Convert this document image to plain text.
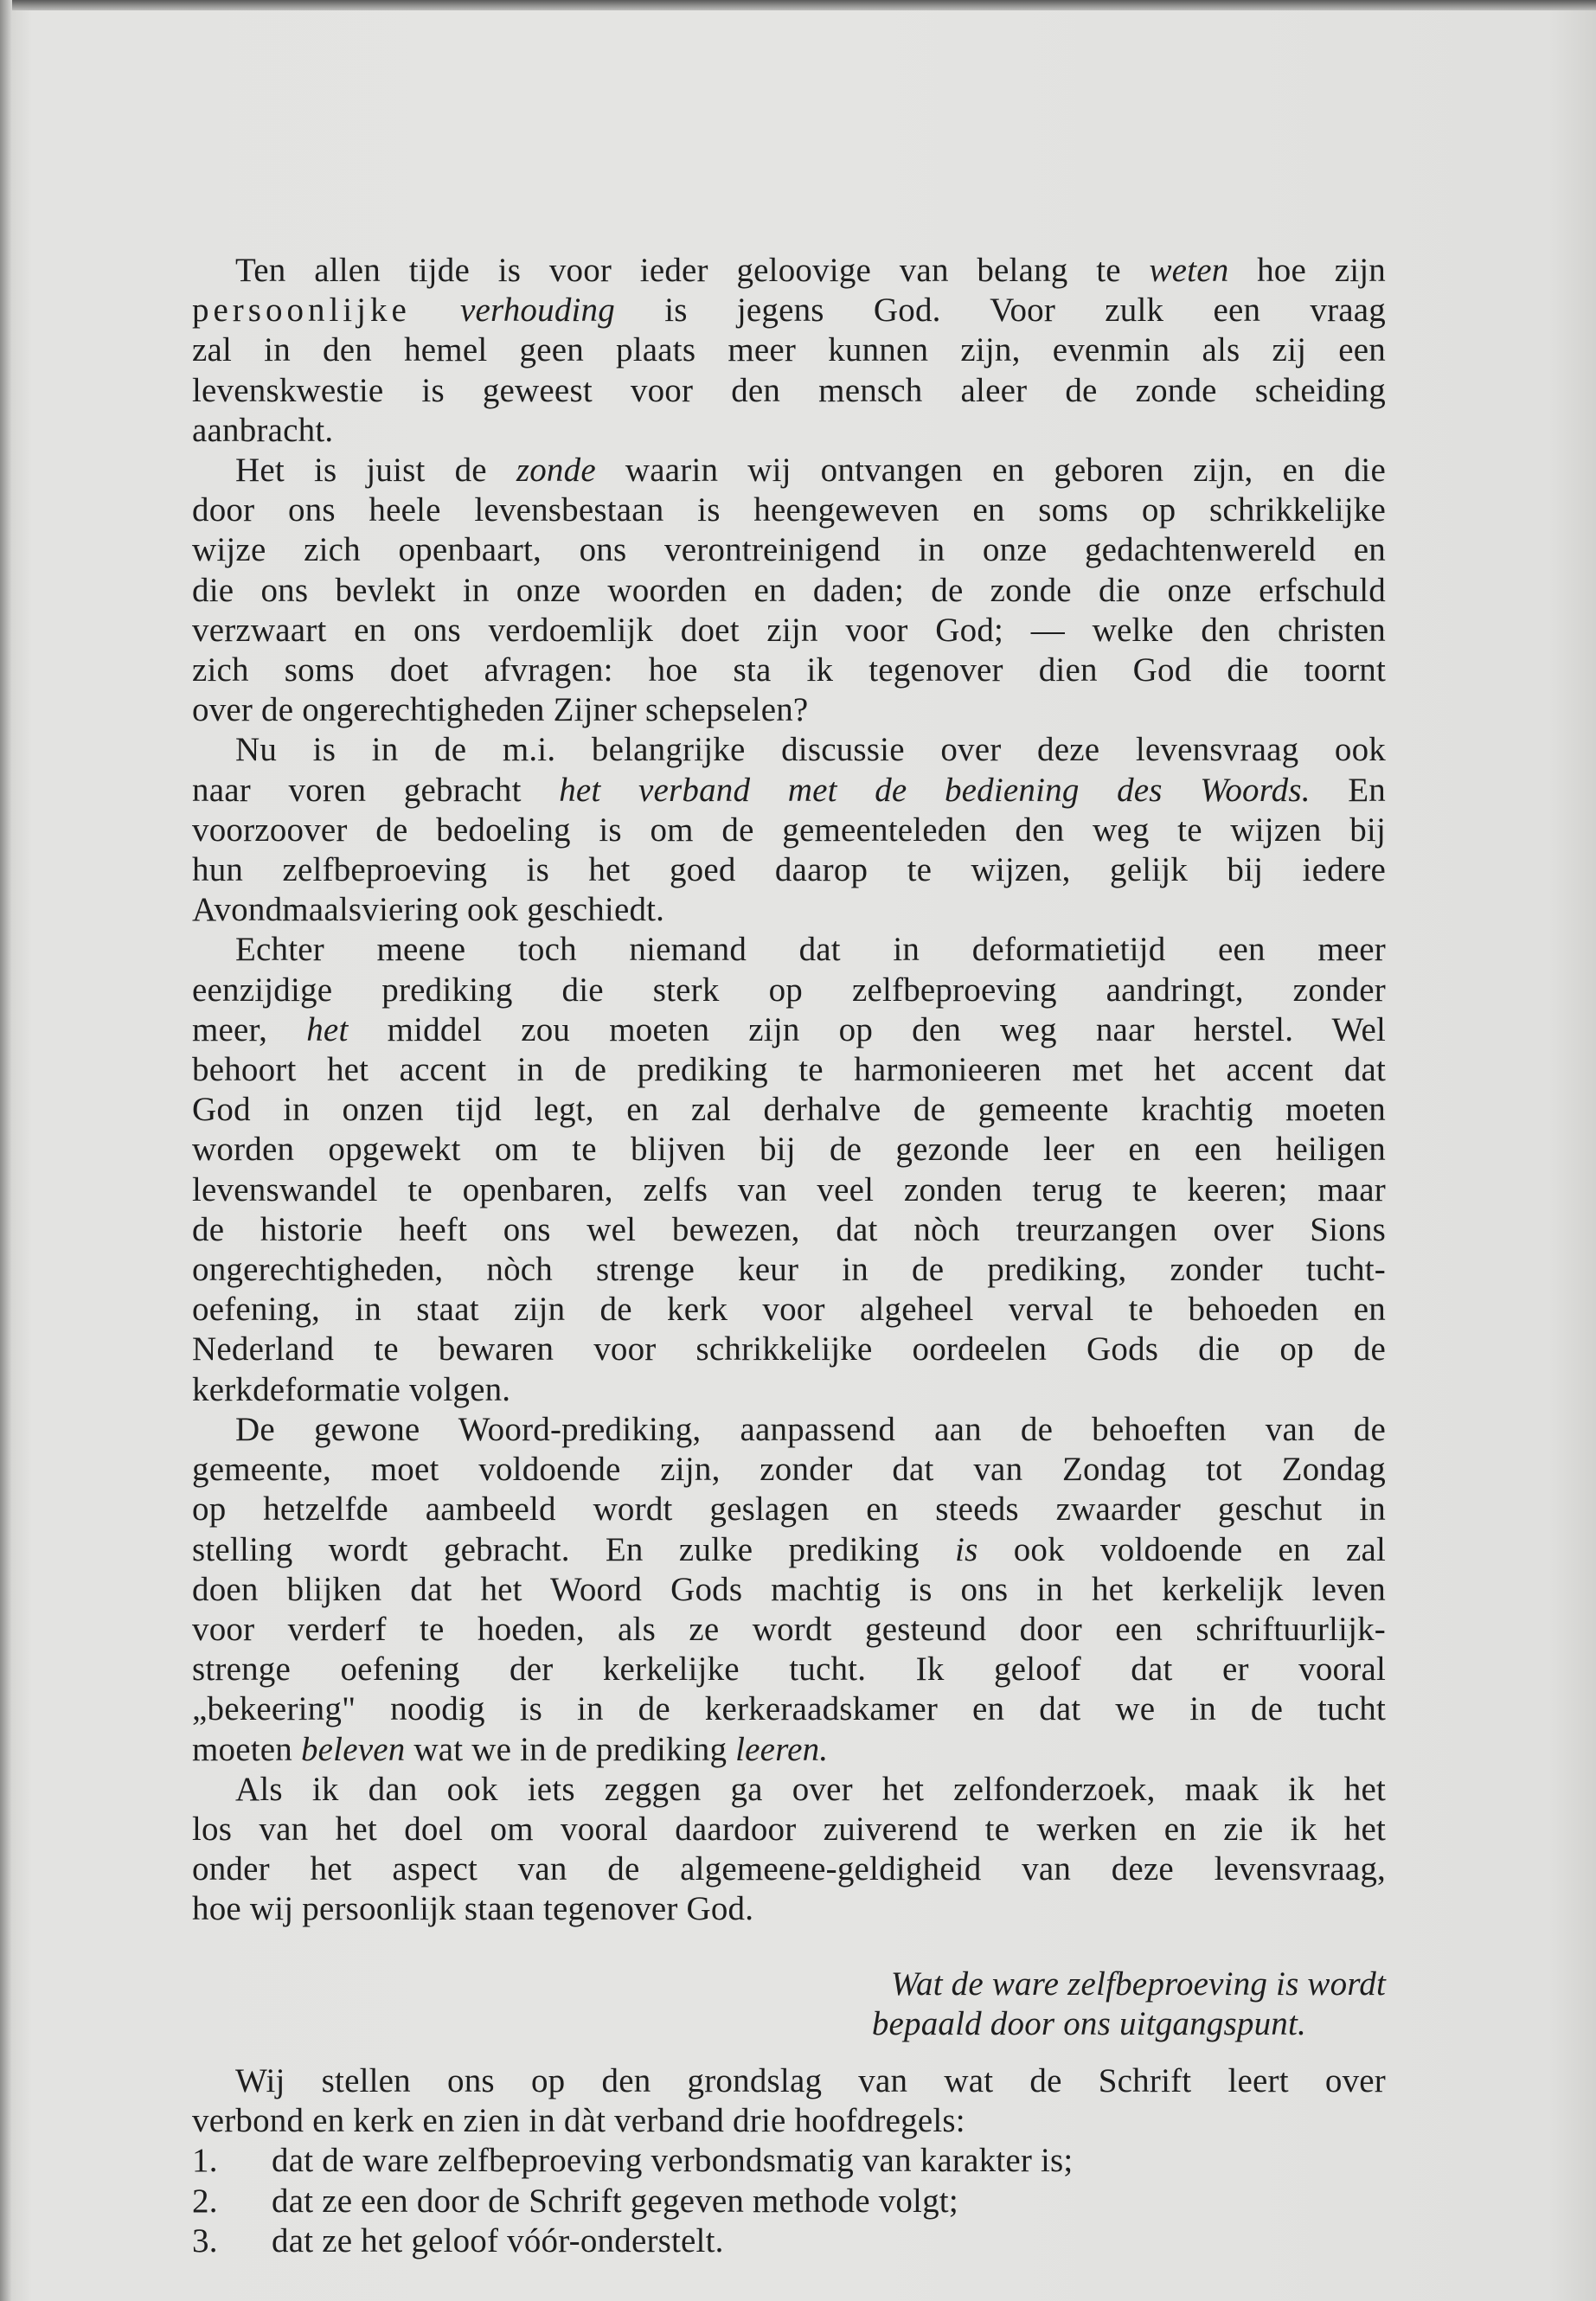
Ten allen tijde is voor ieder geloovige van belang te weten hoe zijn
persoonlijke verhouding is jegens God. Voor zulk een vraag
zal in den hemel geen plaats meer kunnen zijn, evenmin als zij een
levenskwestie is geweest voor den mensch aleer de zonde scheiding
aanbracht.
Het is juist de zonde waarin wij ontvangen en geboren zijn, en die
door ons heele levensbestaan is heengeweven en soms op schrikkelijke
wijze zich openbaart, ons verontreinigend in onze gedachtenwereld en
die ons bevlekt in onze woorden en daden; de zonde die onze erfschuld
verzwaart en ons verdoemlijk doet zijn voor God; — welke den christen
zich soms doet afvragen: hoe sta ik tegenover dien God die toornt
over de ongerechtigheden Zijner schepselen?
Nu is in de m.i. belangrijke discussie over deze levensvraag ook
naar voren gebracht het verband met de bediening des Woords. En
voorzoover de bedoeling is om de gemeenteleden den weg te wijzen bij
hun zelfbeproeving is het goed daarop te wijzen, gelijk bij iedere
Avondmaalsviering ook geschiedt.
Echter meene toch niemand dat in deformatietijd een meer
eenzijdige prediking die sterk op zelfbeproeving aandringt, zonder
meer, het middel zou moeten zijn op den weg naar herstel. Wel
behoort het accent in de prediking te harmonieeren met het accent dat
God in onzen tijd legt, en zal derhalve de gemeente krachtig moeten
worden opgewekt om te blijven bij de gezonde leer en een heiligen
levenswandel te openbaren, zelfs van veel zonden terug te keeren; maar
de historie heeft ons wel bewezen, dat nòch treurzangen over Sions
ongerechtigheden, nòch strenge keur in de prediking, zonder tucht-
oefening, in staat zijn de kerk voor algeheel verval te behoeden en
Nederland te bewaren voor schrikkelijke oordeelen Gods die op de
kerkdeformatie volgen.
De gewone Woord-prediking, aanpassend aan de behoeften van de
gemeente, moet voldoende zijn, zonder dat van Zondag tot Zondag
op hetzelfde aambeeld wordt geslagen en steeds zwaarder geschut in
stelling wordt gebracht. En zulke prediking is ook voldoende en zal
doen blijken dat het Woord Gods machtig is ons in het kerkelijk leven
voor verderf te hoeden, als ze wordt gesteund door een schriftuurlijk-
strenge oefening der kerkelijke tucht. Ik geloof dat er vooral
„bekeering" noodig is in de kerkeraadskamer en dat we in de tucht
moeten beleven wat we in de prediking leeren.
Als ik dan ook iets zeggen ga over het zelfonderzoek, maak ik het
los van het doel om vooral daardoor zuiverend te werken en zie ik het
onder het aspect van de algemeene-geldigheid van deze levensvraag,
hoe wij persoonlijk staan tegenover God.
Wat de ware zelfbeproeving is wordt
bepaald door ons uitgangspunt.
Wij stellen ons op den grondslag van wat de Schrift leert over
verbond en kerk en zien in dàt verband drie hoofdregels:
1. dat de ware zelfbeproeving verbondsmatig van karakter is;
2. dat ze een door de Schrift gegeven methode volgt;
3. dat ze het geloof vóór-onderstelt.
